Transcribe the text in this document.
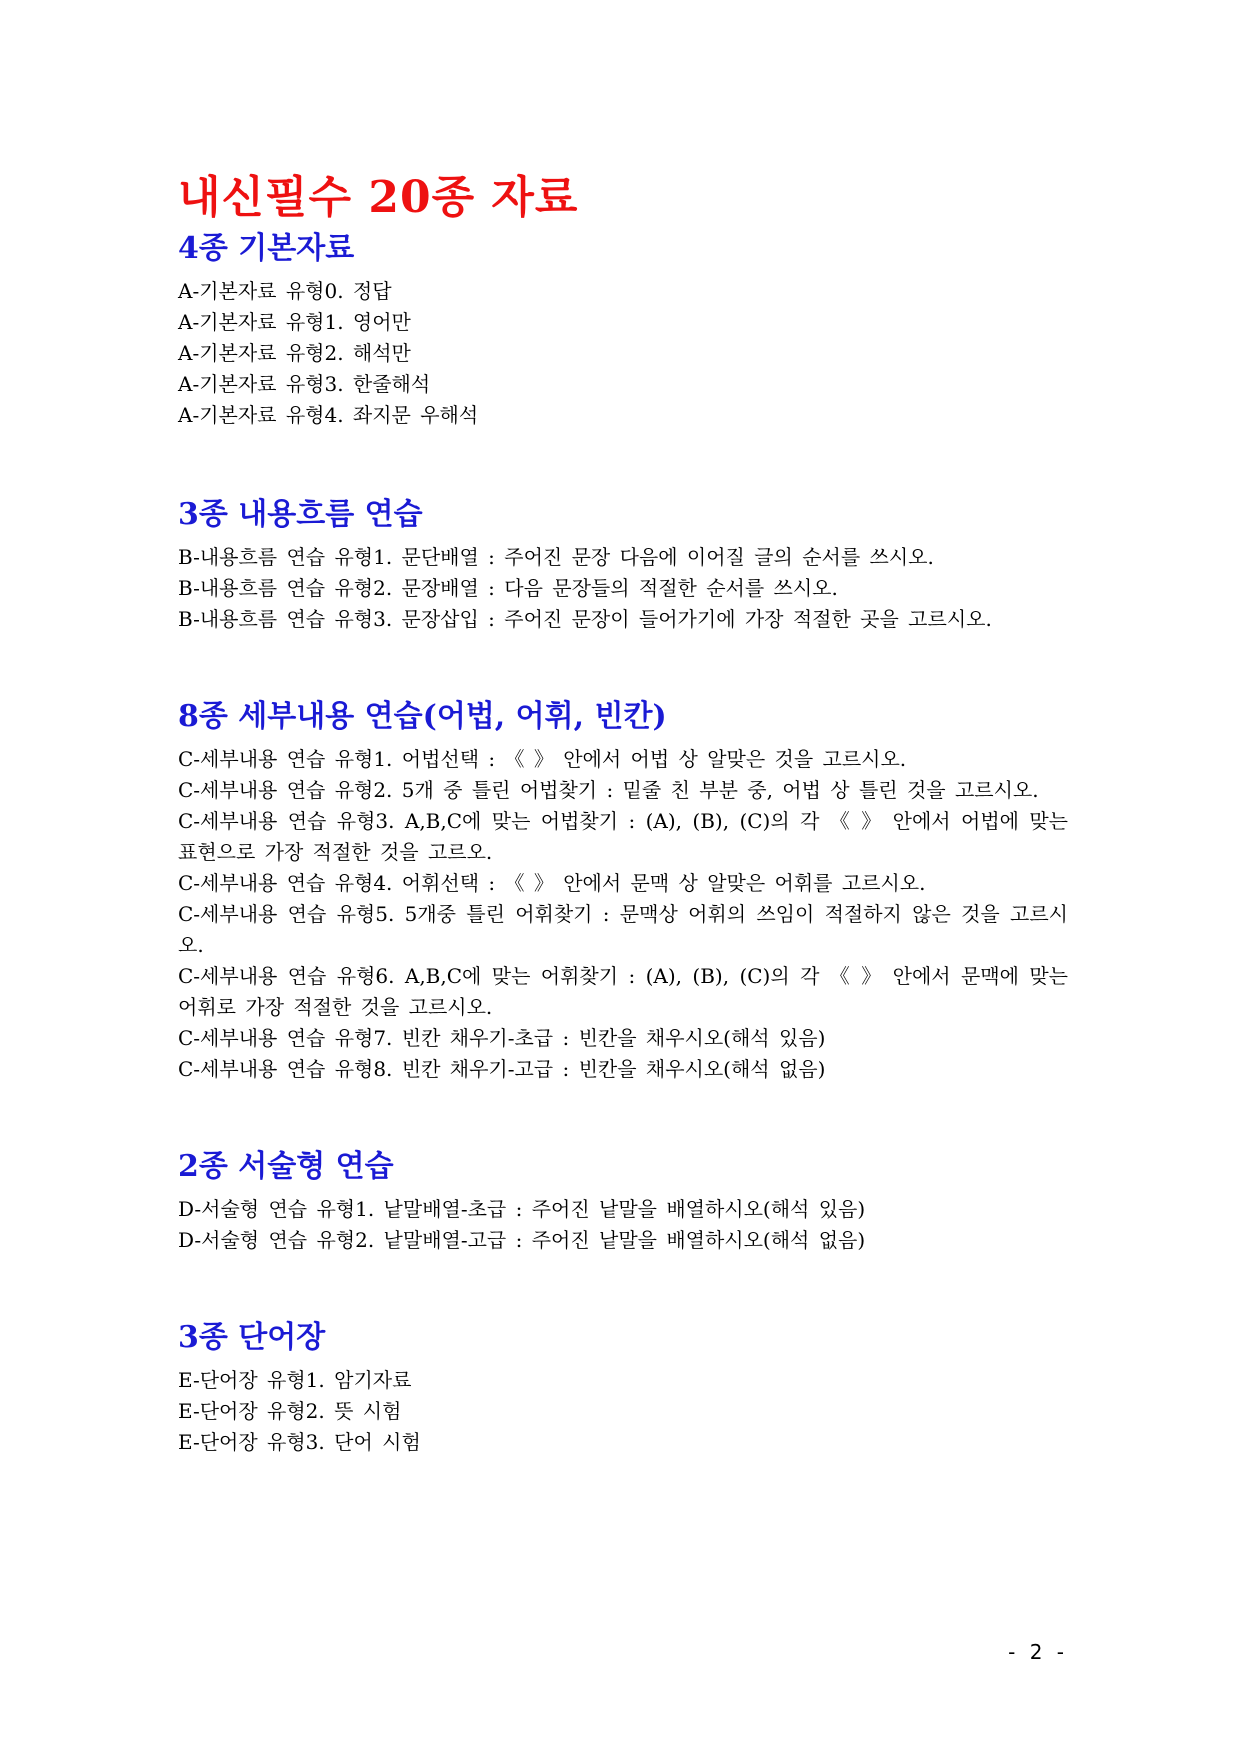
내신필수 20종 자료
4종 기본자료
A-기본자료 유형0. 정답
A-기본자료 유형1. 영어만
A-기본자료 유형2. 해석만
A-기본자료 유형3. 한줄해석
A-기본자료 유형4. 좌지문 우해석
3종 내용흐름 연습
B-내용흐름 연습 유형1. 문단배열 : 주어진 문장 다음에 이어질 글의 순서를 쓰시오.
B-내용흐름 연습 유형2. 문장배열 : 다음 문장들의 적절한 순서를 쓰시오.
B-내용흐름 연습 유형3. 문장삽입 : 주어진 문장이 들어가기에 가장 적절한 곳을 고르시오.
8종 세부내용 연습(어법, 어휘, 빈칸)
C-세부내용 연습 유형1. 어법선택 : 《 》 안에서 어법 상 알맞은 것을 고르시오.
C-세부내용 연습 유형2. 5개 중 틀린 어법찾기 : 밑줄 친 부분 중, 어법 상 틀린 것을 고르시오.
C-세부내용 연습 유형3. A,B,C에 맞는 어법찾기 : (A), (B), (C)의 각 《 》 안에서 어법에 맞는 표현으로 가장 적절한 것을 고르오.
C-세부내용 연습 유형4. 어휘선택 : 《 》 안에서 문맥 상 알맞은 어휘를 고르시오.
C-세부내용 연습 유형5. 5개중 틀린 어휘찾기 : 문맥상 어휘의 쓰임이 적절하지 않은 것을 고르시오.
C-세부내용 연습 유형6. A,B,C에 맞는 어휘찾기 : (A), (B), (C)의 각 《 》 안에서 문맥에 맞는 어휘로 가장 적절한 것을 고르시오.
C-세부내용 연습 유형7. 빈칸 채우기-초급 : 빈칸을 채우시오(해석 있음)
C-세부내용 연습 유형8. 빈칸 채우기-고급 : 빈칸을 채우시오(해석 없음)
2종 서술형 연습
D-서술형 연습 유형1. 낱말배열-초급 : 주어진 낱말을 배열하시오(해석 있음)
D-서술형 연습 유형2. 낱말배열-고급 : 주어진 낱말을 배열하시오(해석 없음)
3종 단어장
E-단어장 유형1. 암기자료
E-단어장 유형2. 뜻 시험
E-단어장 유형3. 단어 시험
- 2 -
